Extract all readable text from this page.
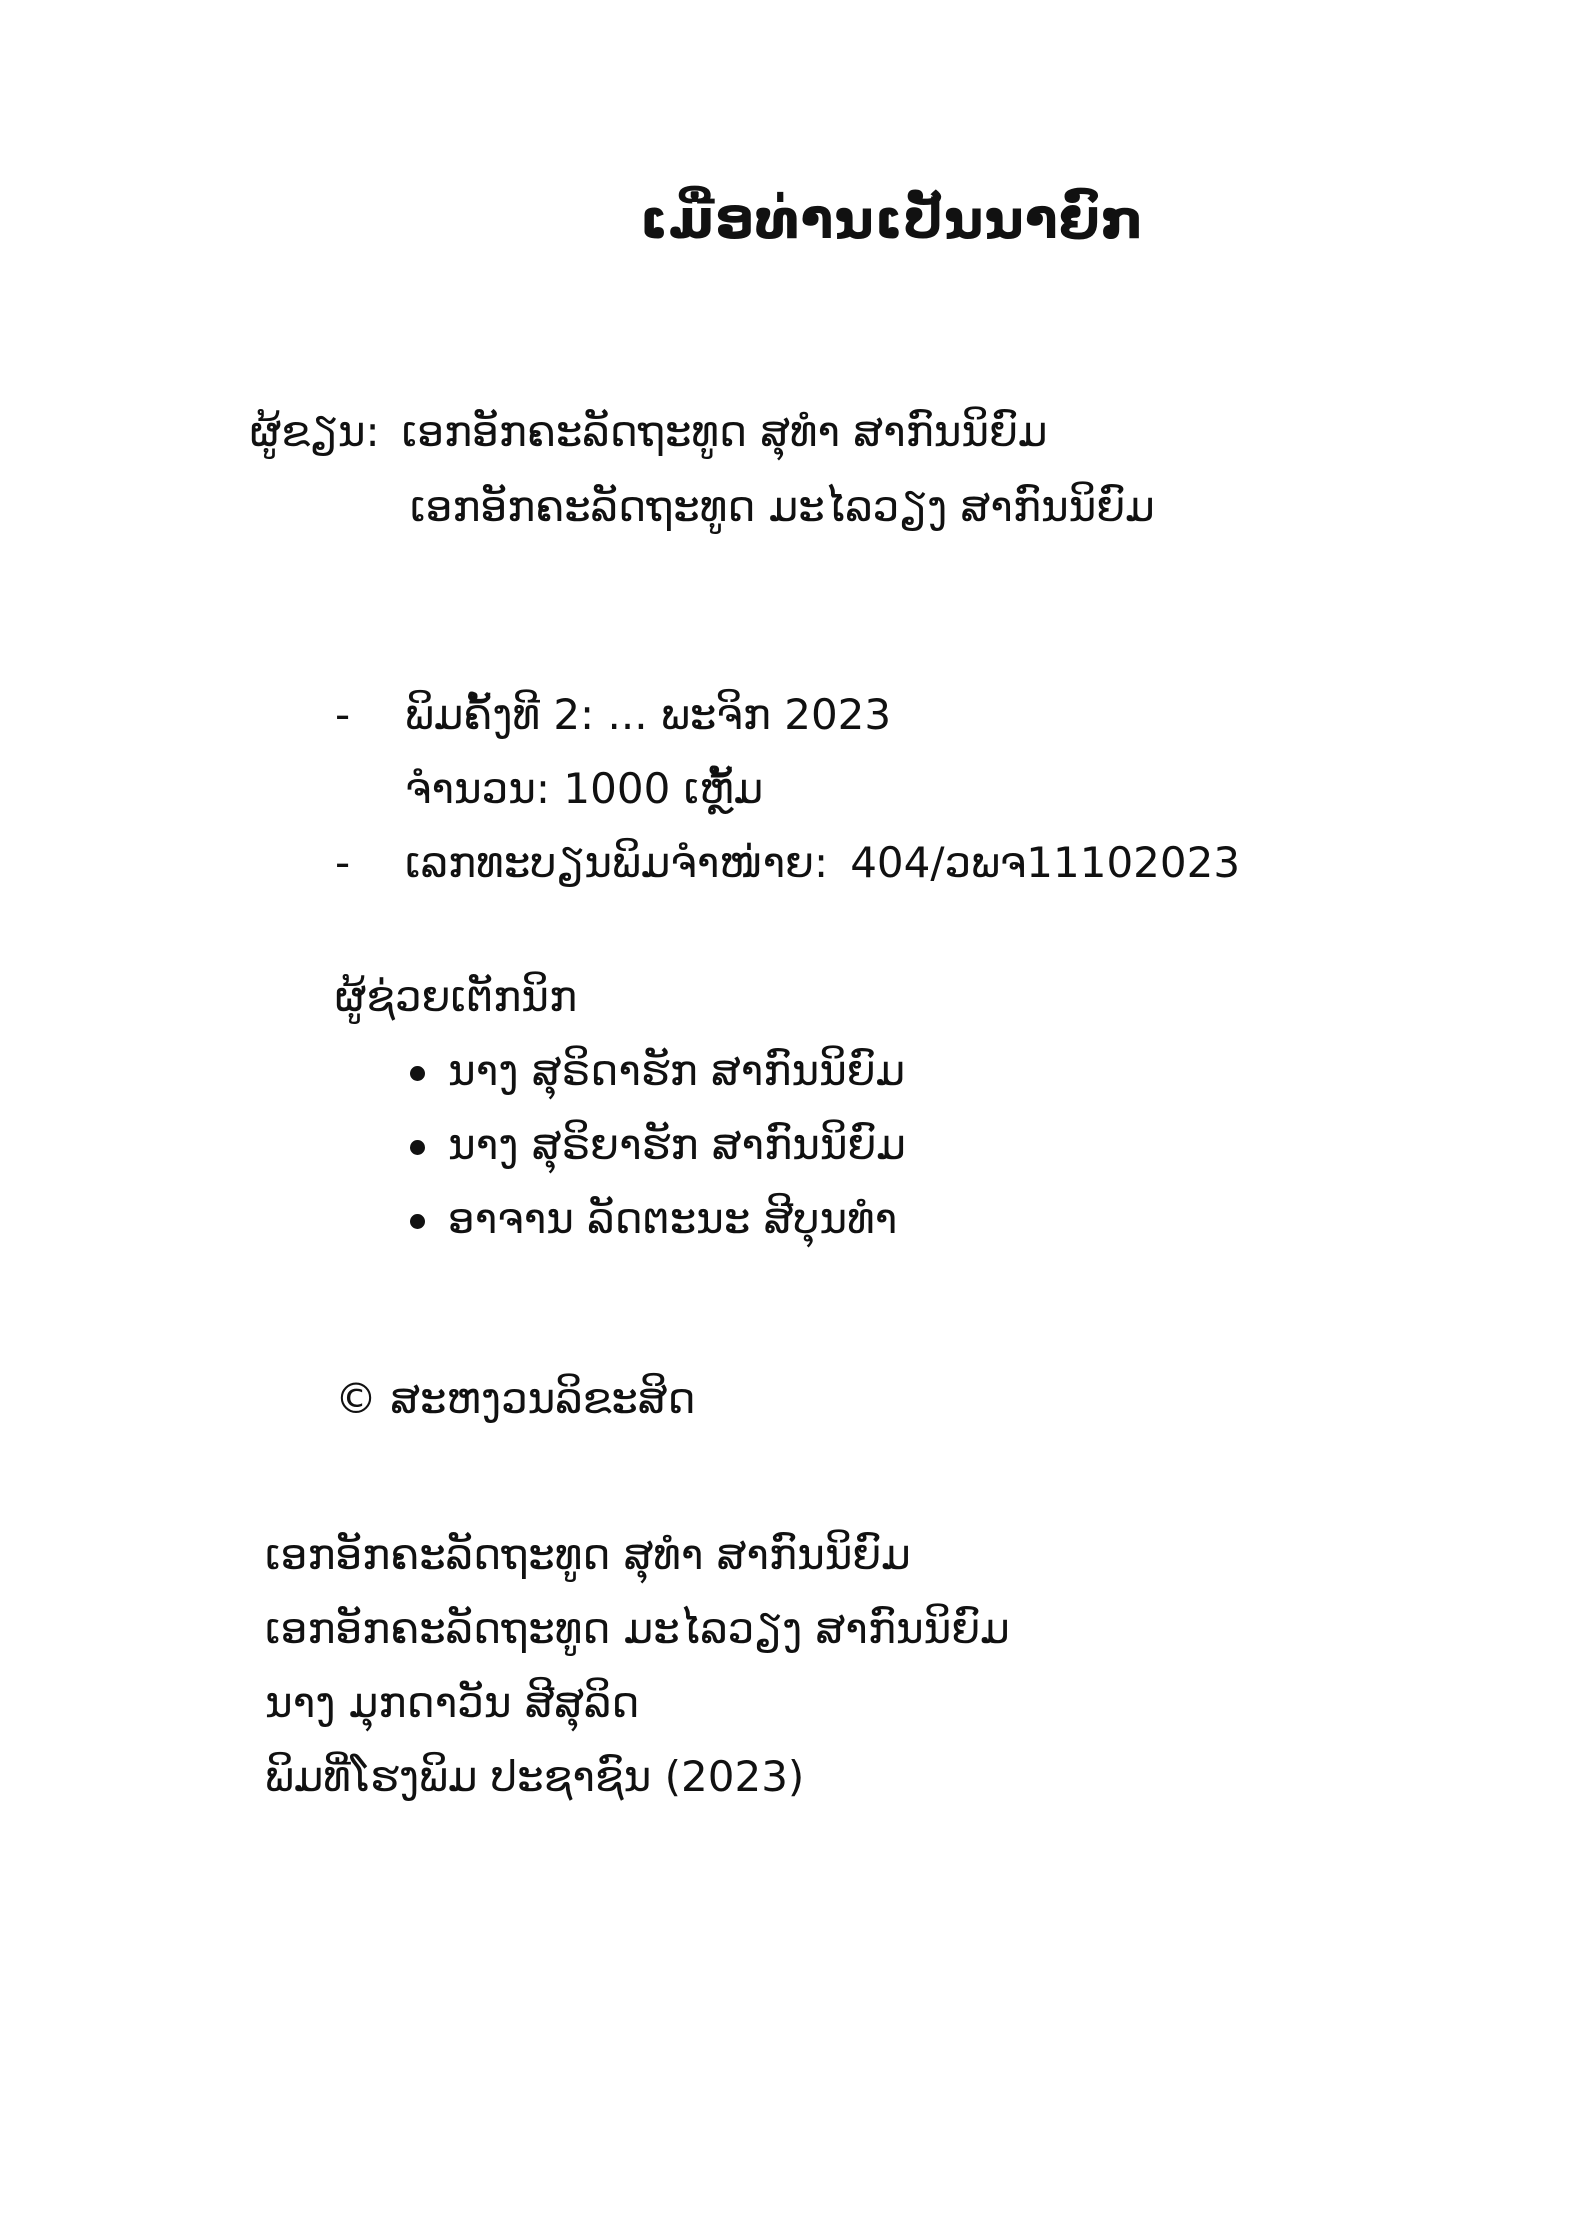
ເມື່ອທ່ານເປັນນາຍົກ
ຜູ້ຂຽນ: ເອກອັກຄະລັດຖະທູດ ສຸທຳ ສາກົນນິຍົມ
ເອກອັກຄະລັດຖະທູດ ມະໄລວຽງ ສາກົນນິຍົມ
- ພິມຄັ້ງທີ 2: ... ພະຈິກ 2023
ຈຳນວນ: 1000 ເຫຼັ້ມ
- ເລກທະບຽນພິມຈຳໜ່າຍ: 404/ວພຈ11102023
ຜູ້ຊ່ວຍເຕັກນິກ
ນາງ ສຸຣິດາຮັກ ສາກົນນິຍົມ
ນາງ ສຸຣິຍາຮັກ ສາກົນນິຍົມ
ອາຈານ ລັດຕະນະ ສີບຸນທຳ
© ສະຫງວນລິຂະສິດ
ເອກອັກຄະລັດຖະທູດ ສຸທຳ ສາກົນນິຍົມ
ເອກອັກຄະລັດຖະທູດ ມະໄລວຽງ ສາກົນນິຍົມ
ນາງ ມຸກດາວັນ ສີສຸລິດ
ພິມທີ່ໂຮງພິມ ປະຊາຊົນ (2023)
